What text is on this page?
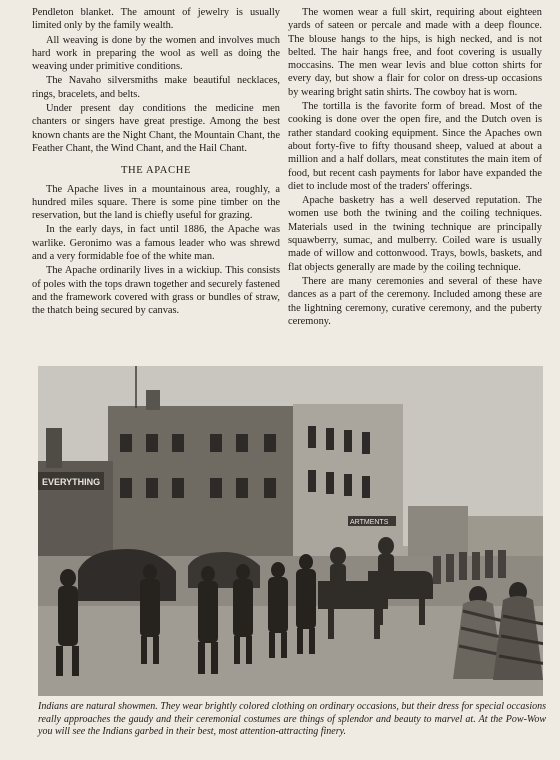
Pendleton blanket. The amount of jewelry is usually limited only by the family wealth.

All weaving is done by the women and involves much hard work in preparing the wool as well as doing the weaving under primitive conditions.

The Navaho silversmiths make beautiful necklaces, rings, bracelets, and belts.

Under present day conditions the medicine men chanters or singers have great prestige. Among the best known chants are the Night Chant, the Mountain Chant, the Feather Chant, the Wind Chant, and the Hail Chant.

THE APACHE

The Apache lives in a mountainous area, roughly, a hundred miles square. There is some pine timber on the reservation, but the land is chiefly useful for grazing.

In the early days, in fact until 1886, the Apache was warlike. Geronimo was a famous leader who was shrewd and a very formidable foe of the white man.

The Apache ordinarily lives in a wickiup. This consists of poles with the tops drawn together and securely fastened and the framework covered with grass or bundles of straw, the thatch being secured by canvas.

The women wear a full skirt, requiring about eighteen yards of sateen or percale and made with a deep flounce. The blouse hangs to the hips, is high necked, and is not belted. The hair hangs free, and foot covering is usually moccasins. The men wear levis and blue cotton shirts for every day, but show a flair for color on dress-up occasions by wearing bright satin shirts. The cowboy hat is worn.

The tortilla is the favorite form of bread. Most of the cooking is done over the open fire, and the Dutch oven is rather standard cooking equipment. Since the Apaches own about forty-five to fifty thousand sheep, valued at about a million and a half dollars, meat constitutes the main item of food, but recent cash payments for labor have expanded the diet to include most of the traders' offerings.

Apache basketry has a well deserved reputation. The women use both the twining and the coiling techniques. Materials used in the twining technique are principally squawberry, sumac, and mulberry. Coiled ware is usually made of willow and cottonwood. Trays, bowls, baskets, and flat objects generally are made by the coiling technique.

There are many ceremonies and several of these have dances as a part of the ceremony. Included among these are the lightning ceremony, curative ceremony, and the puberty ceremony.

EVERYTHING
ARTMENTS
Indians are natural showmen. They wear brightly colored clothing on ordinary occasions, but their dress for special occasions really approaches the gaudy and their ceremonial costumes are things of splendor and beauty to marvel at. At the Pow-Wow you will see the Indians garbed in their best, most attention-attracting finery.
